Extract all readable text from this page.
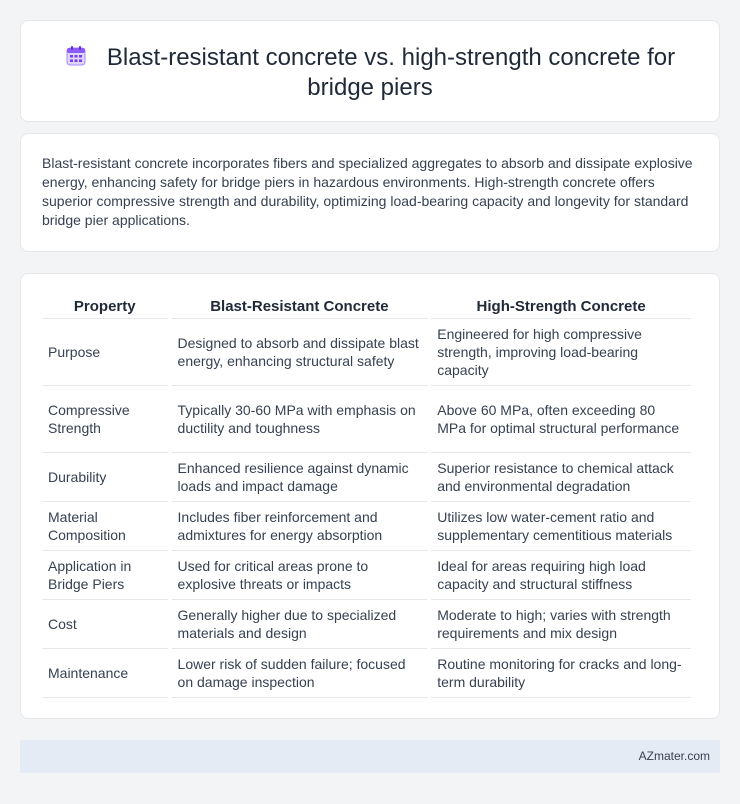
Blast-resistant concrete vs. high-strength concrete for bridge piers

Blast-resistant concrete incorporates fibers and specialized aggregates to absorb and dissipate explosive energy, enhancing safety for bridge piers in hazardous environments. High-strength concrete offers superior compressive strength and durability, optimizing load-bearing capacity and longevity for standard bridge pier applications.

Property	Blast-Resistant Concrete	High-Strength Concrete
Purpose	Designed to absorb and dissipate blast energy, enhancing structural safety	Engineered for high compressive strength, improving load-bearing capacity
Compressive Strength	Typically 30-60 MPa with emphasis on ductility and toughness	Above 60 MPa, often exceeding 80 MPa for optimal structural performance
Durability	Enhanced resilience against dynamic loads and impact damage	Superior resistance to chemical attack and environmental degradation
Material Composition	Includes fiber reinforcement and admixtures for energy absorption	Utilizes low water-cement ratio and supplementary cementitious materials
Application in Bridge Piers	Used for critical areas prone to explosive threats or impacts	Ideal for areas requiring high load capacity and structural stiffness
Cost	Generally higher due to specialized materials and design	Moderate to high; varies with strength requirements and mix design
Maintenance	Lower risk of sudden failure; focused on damage inspection	Routine monitoring for cracks and long-term durability
AZmater.com
